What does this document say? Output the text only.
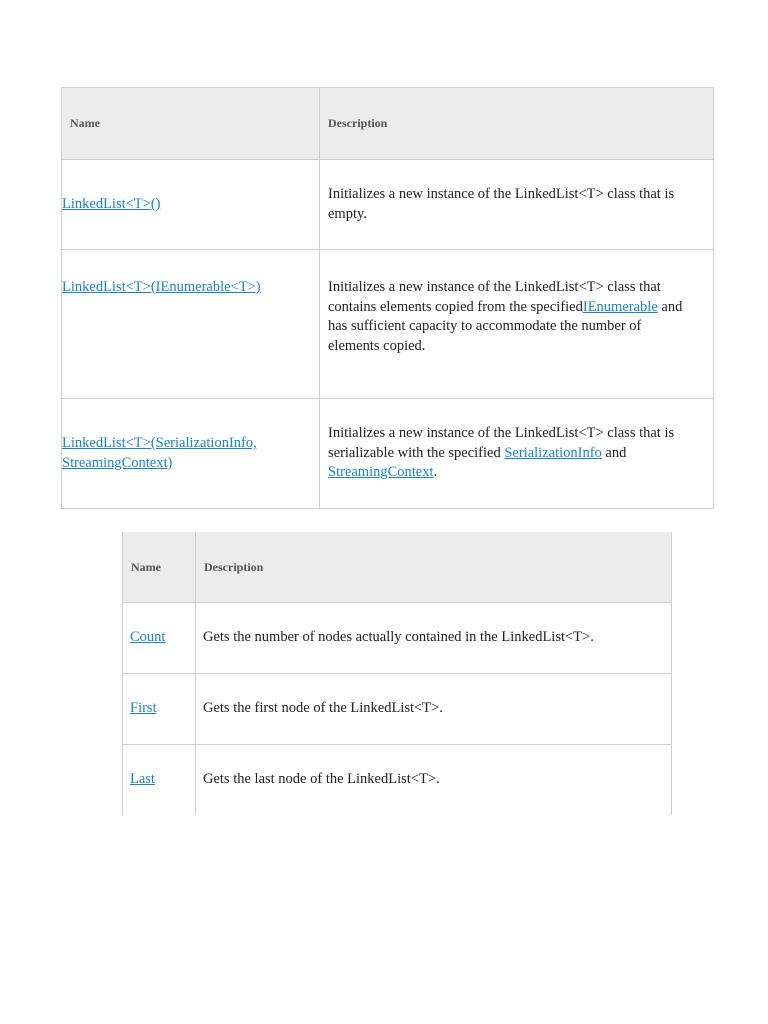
Name	Description
LinkedList<T>()	Initializes a new instance of the LinkedList<T> class that is empty.
LinkedList<T>(IEnumerable<T>)	Initializes a new instance of the LinkedList<T> class that contains elements copied from the specifiedIEnumerable and has sufficient capacity to accommodate the number of elements copied.
LinkedList<T>(SerializationInfo, StreamingContext)	Initializes a new instance of the LinkedList<T> class that is serializable with the specified SerializationInfo and StreamingContext.
Name	Description
Count	Gets the number of nodes actually contained in the LinkedList<T>.
First	Gets the first node of the LinkedList<T>.
Last	Gets the last node of the LinkedList<T>.
